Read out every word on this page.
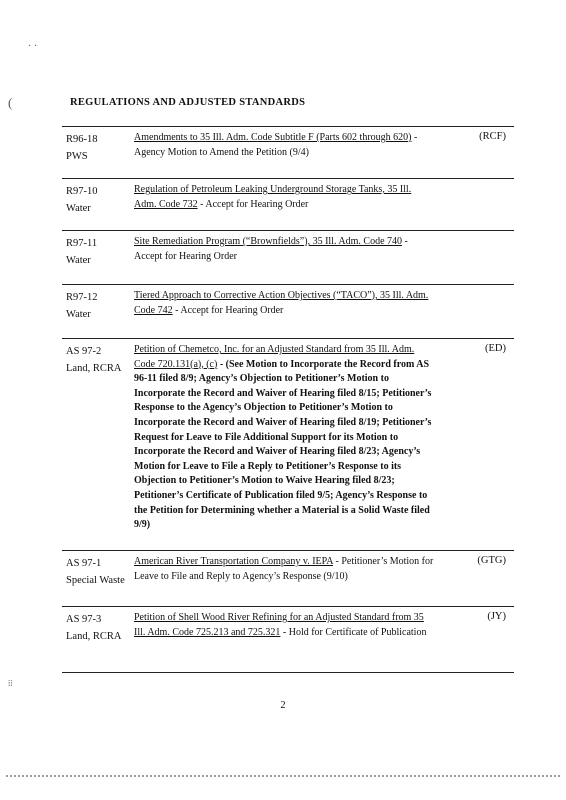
· ·
(
⁞⁞
REGULATIONS AND ADJUSTED STANDARDS
R96-18
PWS
Amendments to 35 Ill. Adm. Code Subtitle F (Parts 602 through 620) - Agency Motion to Amend the Petition (9/4)
(RCF)
R97-10
Water
Regulation of Petroleum Leaking Underground Storage Tanks, 35 Ill. Adm. Code 732 - Accept for Hearing Order
R97-11
Water
Site Remediation Program (“Brownfields”), 35 Ill. Adm. Code 740 - Accept for Hearing Order
R97-12
Water
Tiered Approach to Corrective Action Objectives (“TACO”), 35 Ill. Adm. Code 742 - Accept for Hearing Order
AS 97-2
Land, RCRA
Petition of Chemetco, Inc. for an Adjusted Standard from 35 Ill. Adm. Code 720.131(a), (c) - (See Motion to Incorporate the Record from AS 96-11 filed 8/9; Agency’s Objection to Petitioner’s Motion to Incorporate the Record and Waiver of Hearing filed 8/15; Petitioner’s Response to the Agency’s Objection to Petitioner’s Motion to Incorporate the Record and Waiver of Hearing filed 8/19; Petitioner’s Request for Leave to File Additional Support for its Motion to Incorporate the Record and Waiver of Hearing filed 8/23; Agency’s Motion for Leave to File a Reply to Petitioner’s Response to its Objection to Petitioner’s Motion to Waive Hearing filed 8/23; Petitioner’s Certificate of Publication filed 9/5; Agency’s Response to the Petition for Determining whether a Material is a Solid Waste filed 9/9)
(ED)
AS 97-1
Special Waste
American River Transportation Company v. IEPA - Petitioner’s Motion for Leave to File and Reply to Agency’s Response (9/10)
(GTG)
AS 97-3
Land, RCRA
Petition of Shell Wood River Refining for an Adjusted Standard from 35 Ill. Adm. Code 725.213 and 725.321 - Hold for Certificate of Publication
(JY)
2
